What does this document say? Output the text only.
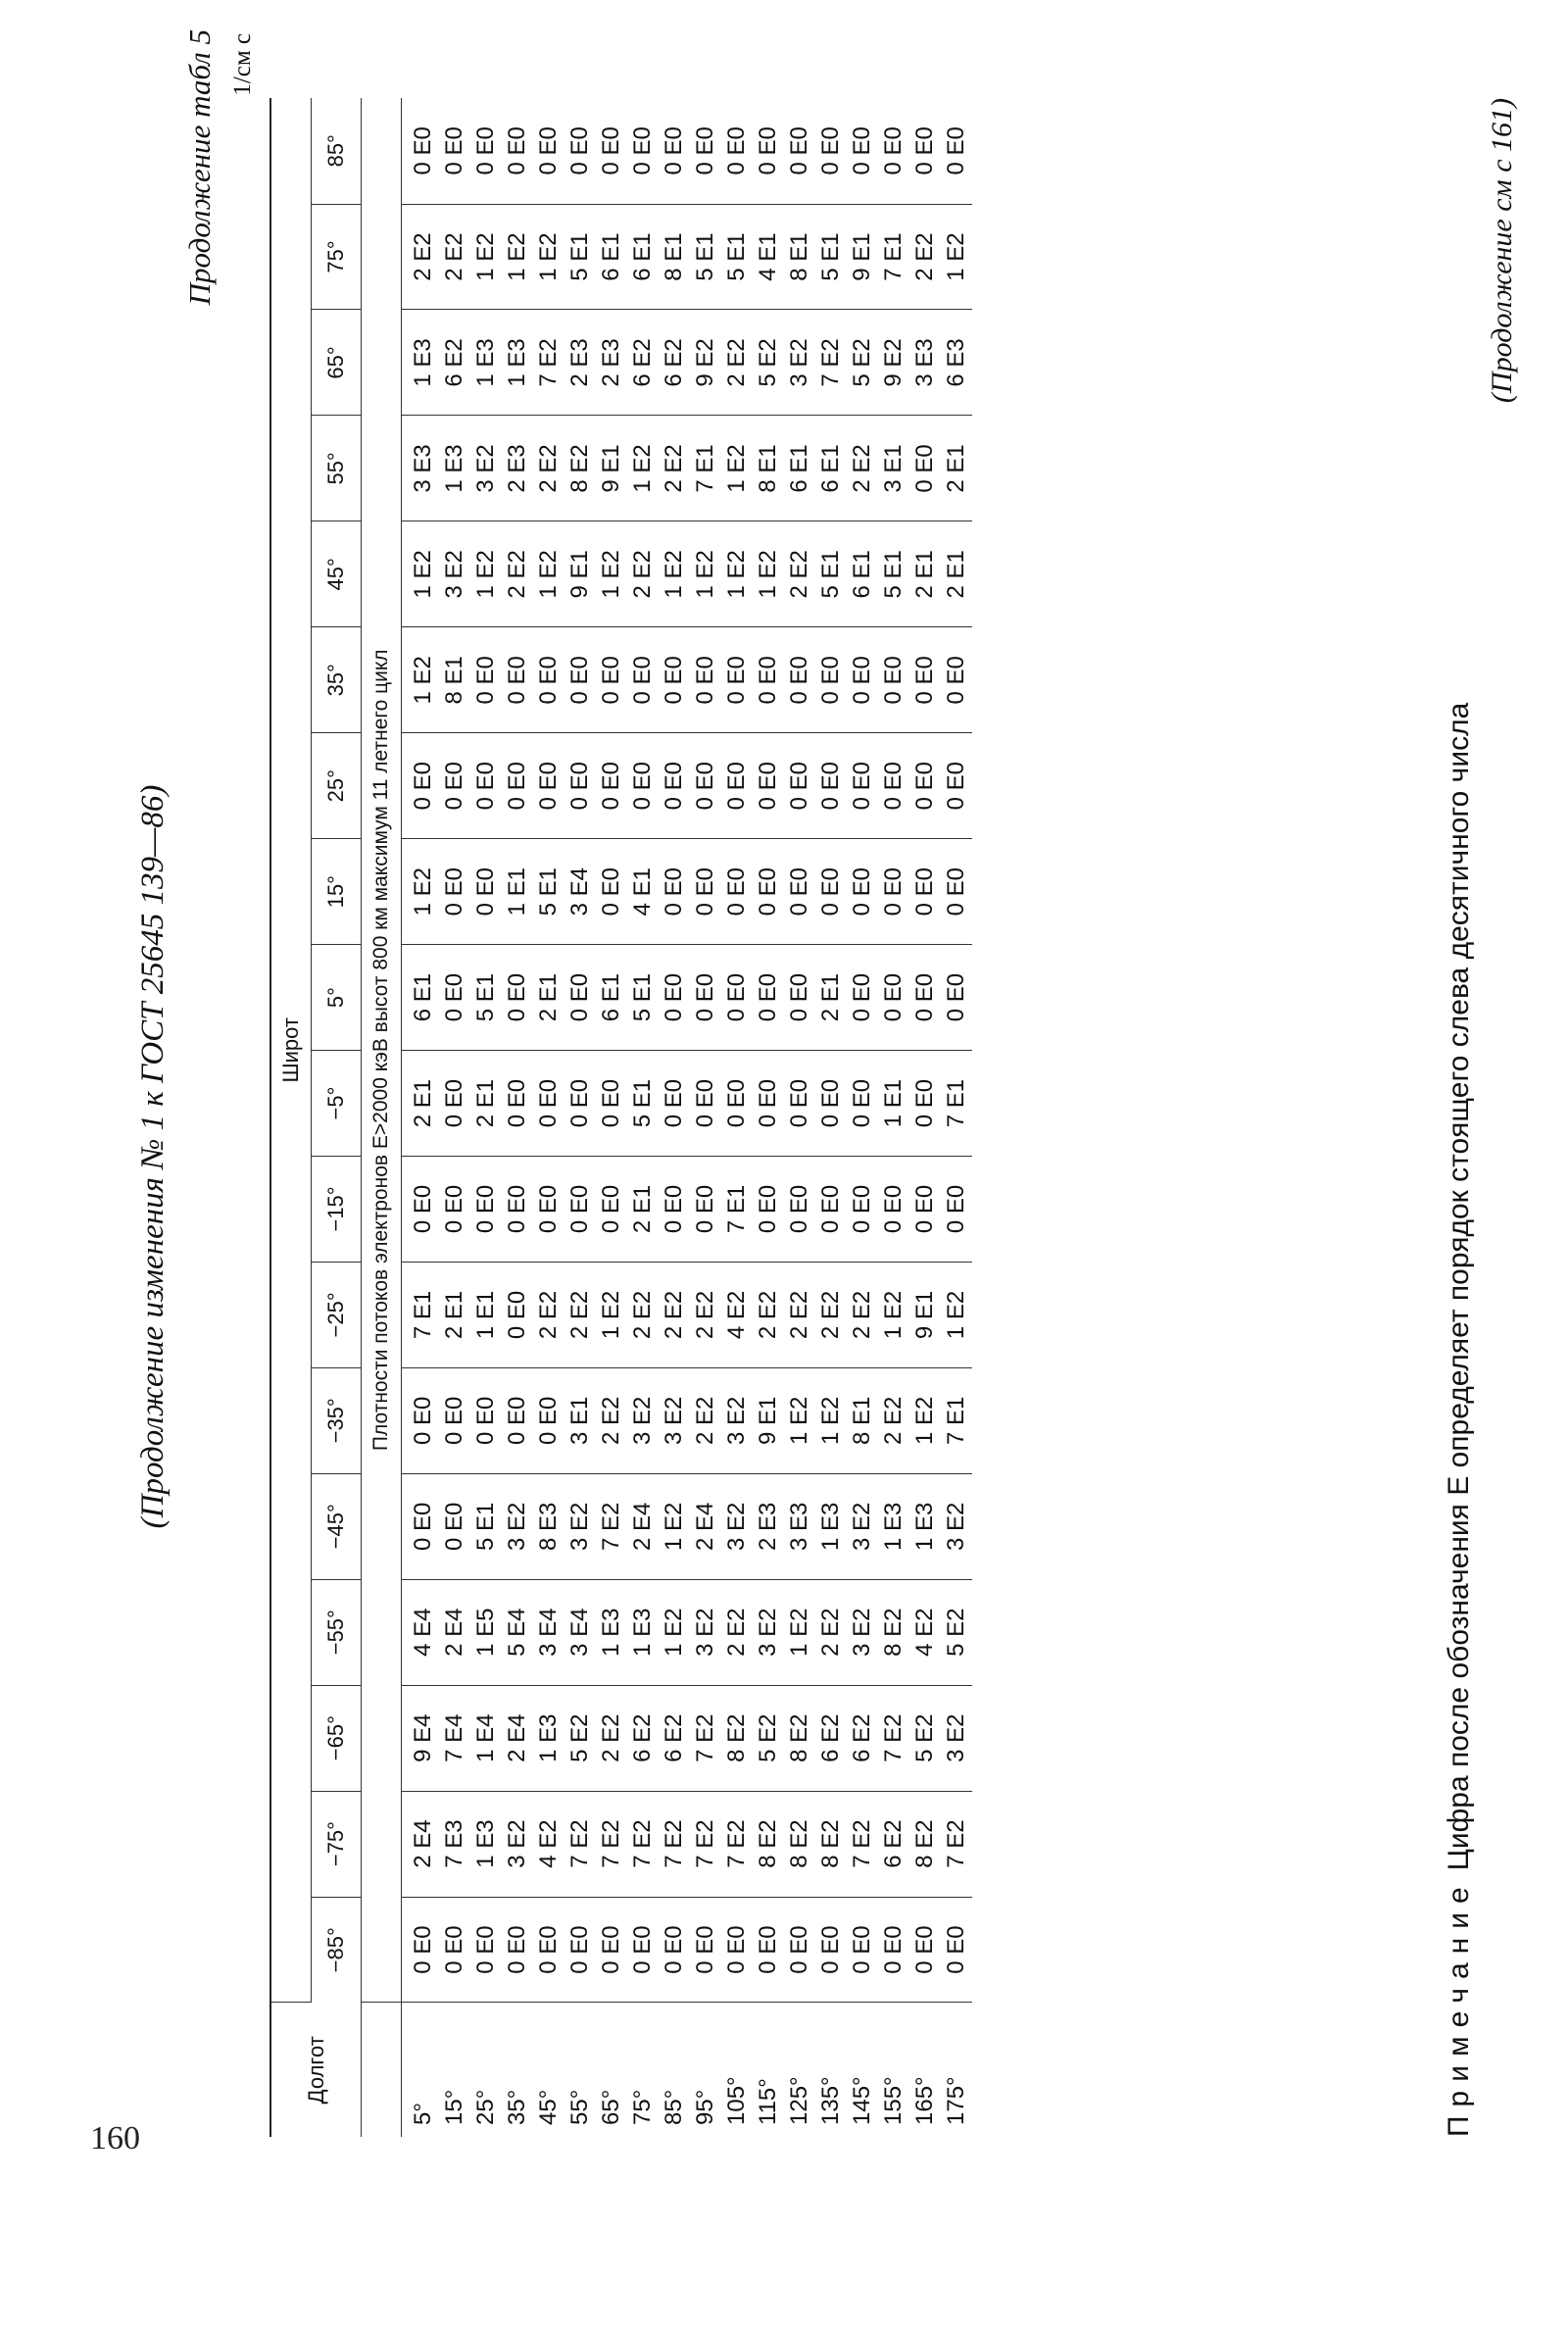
160
(Продолжение изменения № 1 к ГОСТ 25645 139—86)
Продолжение табл 5 1/см с
Долгот	Широт																	
	−85°	−75°	−65°	−55°	−45°	−35°	−25°	−15°	−5°	5°	15°	25°	35°	45°	55°	65°	75°	85°
	Плотности потоков электронов E>2000 кэВ высот 800 км максимум 11 летнего цикл																	
5°	0 E0	2 E4	9 E4	4 E4	0 E0	0 E0	7 E1	0 E0	2 E1	6 E1	1 E2	0 E0	1 E2	1 E2	3 E3	1 E3	2 E2	0 E0
15°	0 E0	7 E3	7 E4	2 E4	0 E0	0 E0	2 E1	0 E0	0 E0	0 E0	0 E0	0 E0	8 E1	3 E2	1 E3	6 E2	2 E2	0 E0
25°	0 E0	1 E3	1 E4	1 E5	5 E1	0 E0	1 E1	0 E0	2 E1	5 E1	0 E0	0 E0	0 E0	1 E2	3 E2	1 E3	1 E2	0 E0
35°	0 E0	3 E2	2 E4	5 E4	3 E2	0 E0	0 E0	0 E0	0 E0	0 E0	1 E1	0 E0	0 E0	2 E2	2 E3	1 E3	1 E2	0 E0
45°	0 E0	4 E2	1 E3	3 E4	8 E3	0 E0	2 E2	0 E0	0 E0	2 E1	5 E1	0 E0	0 E0	1 E2	2 E2	7 E2	1 E2	0 E0
55°	0 E0	7 E2	5 E2	3 E4	3 E2	3 E1	2 E2	0 E0	0 E0	0 E0	3 E4	0 E0	0 E0	9 E1	8 E2	2 E3	5 E1	0 E0
65°	0 E0	7 E2	2 E2	1 E3	7 E2	2 E2	1 E2	0 E0	0 E0	6 E1	0 E0	0 E0	0 E0	1 E2	9 E1	2 E3	6 E1	0 E0
75°	0 E0	7 E2	6 E2	1 E3	2 E4	3 E2	2 E2	2 E1	5 E1	5 E1	4 E1	0 E0	0 E0	2 E2	1 E2	6 E2	6 E1	0 E0
85°	0 E0	7 E2	6 E2	1 E2	1 E2	3 E2	2 E2	0 E0	0 E0	0 E0	0 E0	0 E0	0 E0	1 E2	2 E2	6 E2	8 E1	0 E0
95°	0 E0	7 E2	7 E2	3 E2	2 E4	2 E2	2 E2	0 E0	0 E0	0 E0	0 E0	0 E0	0 E0	1 E2	7 E1	9 E2	5 E1	0 E0
105°	0 E0	7 E2	8 E2	2 E2	3 E2	3 E2	4 E2	7 E1	0 E0	0 E0	0 E0	0 E0	0 E0	1 E2	1 E2	2 E2	5 E1	0 E0
115°	0 E0	8 E2	5 E2	3 E2	2 E3	9 E1	2 E2	0 E0	0 E0	0 E0	0 E0	0 E0	0 E0	1 E2	8 E1	5 E2	4 E1	0 E0
125°	0 E0	8 E2	8 E2	1 E2	3 E3	1 E2	2 E2	0 E0	0 E0	0 E0	0 E0	0 E0	0 E0	2 E2	6 E1	3 E2	8 E1	0 E0
135°	0 E0	8 E2	6 E2	2 E2	1 E3	1 E2	2 E2	0 E0	0 E0	2 E1	0 E0	0 E0	0 E0	5 E1	6 E1	7 E2	5 E1	0 E0
145°	0 E0	7 E2	6 E2	3 E2	3 E2	8 E1	2 E2	0 E0	0 E0	0 E0	0 E0	0 E0	0 E0	6 E1	2 E2	5 E2	9 E1	0 E0
155°	0 E0	6 E2	7 E2	8 E2	1 E3	2 E2	1 E2	0 E0	1 E1	0 E0	0 E0	0 E0	0 E0	5 E1	3 E1	9 E2	7 E1	0 E0
165°	0 E0	8 E2	5 E2	4 E2	1 E3	1 E2	9 E1	0 E0	0 E0	0 E0	0 E0	0 E0	0 E0	2 E1	0 E0	3 E3	2 E2	0 E0
175°	0 E0	7 E2	3 E2	5 E2	3 E2	7 E1	1 E2	0 E0	7 E1	0 E0	0 E0	0 E0	0 E0	2 E1	2 E1	6 E3	1 E2	0 E0
ПримечаниеЦифра после обозначения E определяет порядок стоящего слева десятичного числа
(Продолжение см с 161)
